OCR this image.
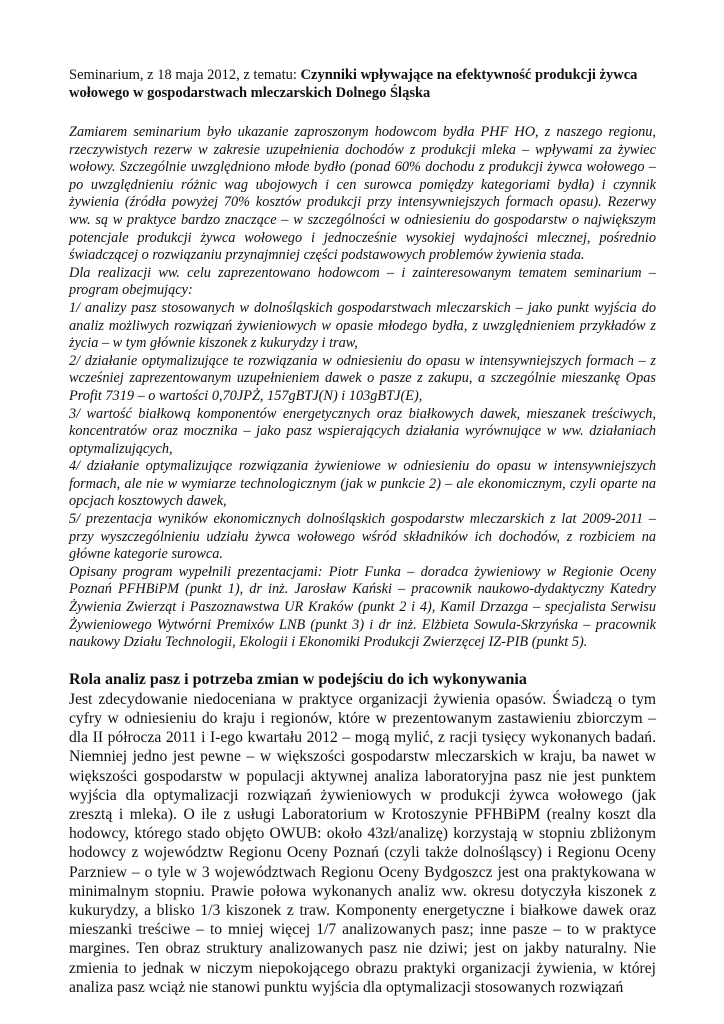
Seminarium, z 18 maja 2012, z tematu: Czynniki wpływające na efektywność produkcji żywca wołowego w gospodarstwach mleczarskich Dolnego Śląska

Zamiarem seminarium było ukazanie zaproszonym hodowcom bydła PHF HO, z naszego regionu, rzeczywistych rezerw w zakresie uzupełnienia dochodów z produkcji mleka – wpływami za żywiec wołowy. Szczególnie uwzględniono młode bydło (ponad 60% dochodu z produkcji żywca wołowego – po uwzględnieniu różnic wag ubojowych i cen surowca pomiędzy kategoriami bydła) i czynnik żywienia (źródła powyżej 70% kosztów produkcji przy intensywniejszych formach opasu). Rezerwy ww. są w praktyce bardzo znaczące – w szczególności w odniesieniu do gospodarstw o największym potencjale produkcji żywca wołowego i jednocześnie wysokiej wydajności mlecznej, pośrednio świadczącej o rozwiązaniu przynajmniej części podstawowych problemów żywienia stada.

Dla realizacji ww. celu zaprezentowano hodowcom – i zainteresowanym tematem seminarium – program obejmujący:

1/ analizy pasz stosowanych w dolnośląskich gospodarstwach mleczarskich – jako punkt wyjścia do analiz możliwych rozwiązań żywieniowych w opasie młodego bydła, z uwzględnieniem przykładów z życia – w tym głównie kiszonek z kukurydzy i traw,

2/ działanie optymalizujące te rozwiązania w odniesieniu do opasu w intensywniejszych formach – z wcześniej zaprezentowanym uzupełnieniem dawek o pasze z zakupu, a szczególnie mieszankę Opas Profit 7319 – o wartości 0,70JPŻ, 157gBTJ(N) i 103gBTJ(E),

3/ wartość białkową komponentów energetycznych oraz białkowych dawek, mieszanek treściwych, koncentratów oraz mocznika – jako pasz wspierających działania wyrównujące w ww. działaniach optymalizujących,

4/ działanie optymalizujące rozwiązania żywieniowe w odniesieniu do opasu w intensywniejszych formach, ale nie w wymiarze technologicznym (jak w punkcie 2) – ale ekonomicznym, czyli oparte na opcjach kosztowych dawek,

5/ prezentacja wyników ekonomicznych dolnośląskich gospodarstw mleczarskich z lat 2009-2011 – przy wyszczególnieniu udziału żywca wołowego wśród składników ich dochodów, z rozbiciem na główne kategorie surowca.

Opisany program wypełnili prezentacjami: Piotr Funka – doradca żywieniowy w Regionie Oceny Poznań PFHBiPM (punkt 1), dr inż. Jarosław Kański – pracownik naukowo-dydaktyczny Katedry Żywienia Zwierząt i Paszoznawstwa UR Kraków (punkt 2 i 4), Kamil Drzazga – specjalista Serwisu Żywieniowego Wytwórni Premixów LNB (punkt 3) i dr inż. Elżbieta Sowula-Skrzyńska – pracownik naukowy Działu Technologii, Ekologii i Ekonomiki Produkcji Zwierzęcej IZ-PIB (punkt 5).

Rola analiz pasz i potrzeba zmian w podejściu do ich wykonywania

Jest zdecydowanie niedoceniana w praktyce organizacji żywienia opasów. Świadczą o tym cyfry w odniesieniu do kraju i regionów, które w prezentowanym zastawieniu zbiorczym – dla II półrocza 2011 i I-ego kwartału 2012 – mogą mylić, z racji tysięcy wykonanych badań. Niemniej jedno jest pewne – w większości gospodarstw mleczarskich w kraju, ba nawet w większości gospodarstw w populacji aktywnej analiza laboratoryjna pasz nie jest punktem wyjścia dla optymalizacji rozwiązań żywieniowych w produkcji żywca wołowego (jak zresztą i mleka). O ile z usługi Laboratorium w Krotoszynie PFHBiPM (realny koszt dla hodowcy, którego stado objęto OWUB: około 43zł/analizę) korzystają w stopniu zbliżonym hodowcy z województw Regionu Oceny Poznań (czyli także dolnośląscy) i Regionu Oceny Parzniew – o tyle w 3 województwach Regionu Oceny Bydgoszcz jest ona praktykowana w minimalnym stopniu. Prawie połowa wykonanych analiz ww. okresu dotyczyła kiszonek z kukurydzy, a blisko 1/3 kiszonek z traw. Komponenty energetyczne i białkowe dawek oraz mieszanki treściwe – to mniej więcej 1/7 analizowanych pasz; inne pasze – to w praktyce margines. Ten obraz struktury analizowanych pasz nie dziwi; jest on jakby naturalny. Nie zmienia to jednak w niczym niepokojącego obrazu praktyki organizacji żywienia, w której analiza pasz wciąż nie stanowi punktu wyjścia dla optymalizacji stosowanych rozwiązań
